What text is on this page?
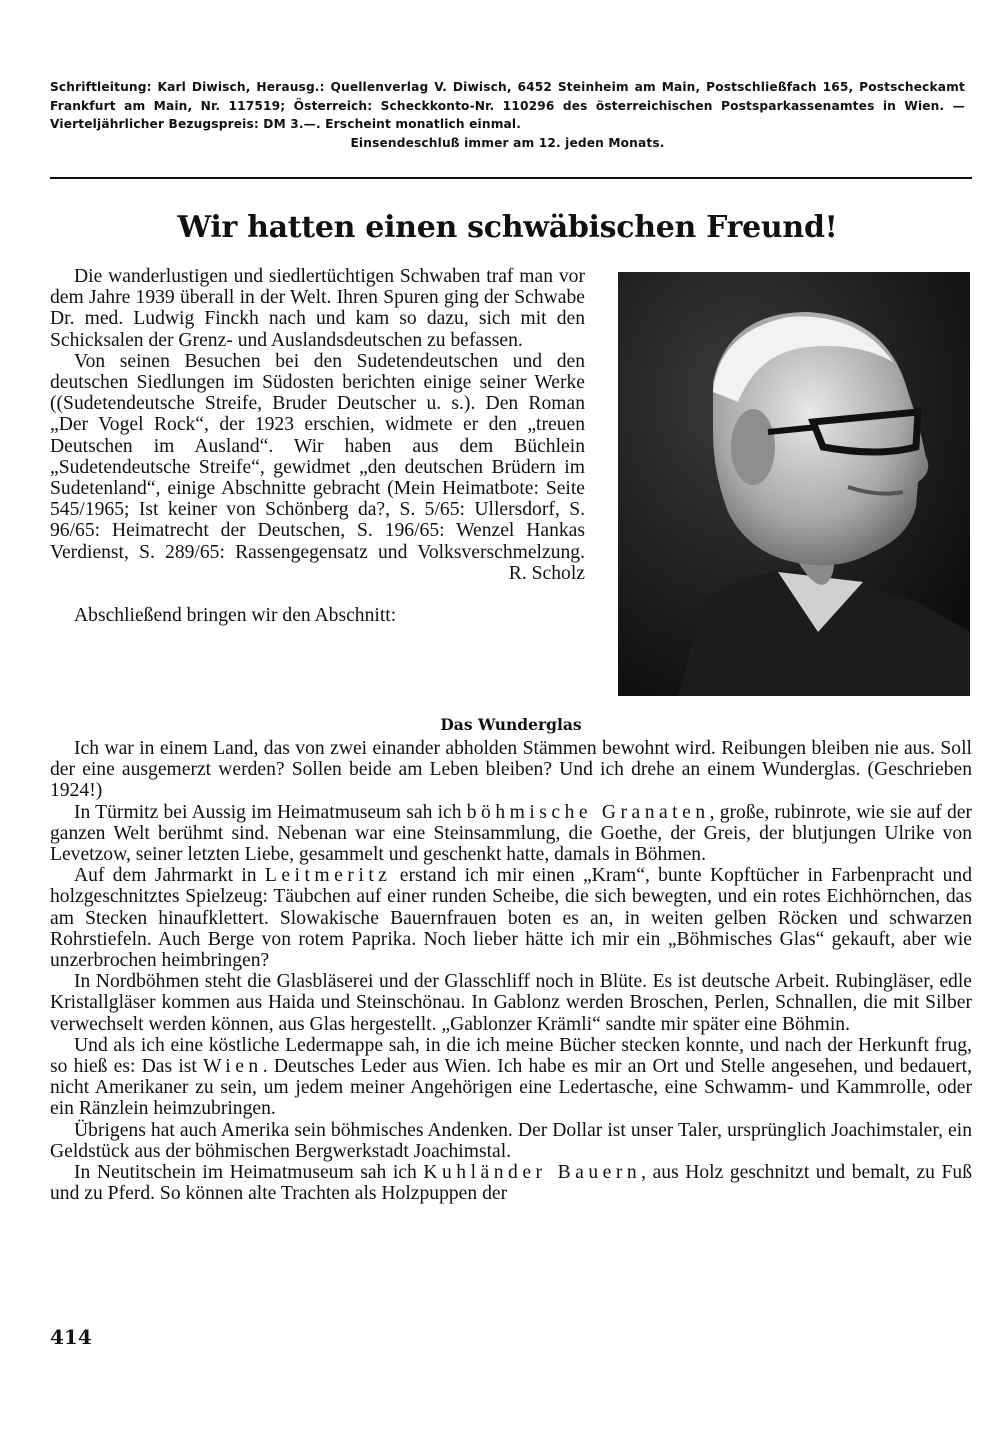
Schriftleitung: Karl Diwisch, Herausg.: Quellenverlag V. Diwisch, 6452 Steinheim am Main, Postschließfach 165, Postscheckamt Frankfurt am Main, Nr. 117519; Österreich: Scheckkonto-Nr. 110296 des österreichischen Postsparkassenamtes in Wien. — Vierteljährlicher Bezugspreis: DM 3.—. Erscheint monatlich einmal.
Einsendeschluß immer am 12. jeden Monats.
Wir hatten einen schwäbischen Freund!

Die wanderlustigen und siedlertüchtigen Schwaben traf man vor dem Jahre 1939 überall in der Welt. Ihren Spuren ging der Schwabe Dr. med. Ludwig Finckh nach und kam so dazu, sich mit den Schicksalen der Grenz- und Auslandsdeutschen zu befassen.

Von seinen Besuchen bei den Sudetendeutschen und den deutschen Siedlungen im Südosten berichten einige seiner Werke ((Sudetendeutsche Streife, Bruder Deutscher u. s.). Den Roman „Der Vogel Rock“, der 1923 erschien, widmete er den „treuen Deutschen im Ausland“. Wir haben aus dem Büchlein „Sudetendeutsche Streife“, gewidmet „den deutschen Brüdern im Sudetenland“, einige Abschnitte gebracht (Mein Heimatbote: Seite 545/1965; Ist keiner von Schönberg da?, S. 5/65: Ullersdorf, S. 96/65: Heimatrecht der Deutschen, S. 196/65: Wenzel Hankas Verdienst, S. 289/65: Rassengegensatz und Volksverschmelzung.
R. Scholz

Abschließend bringen wir den Abschnitt:

Das Wunderglas

Ich war in einem Land, das von zwei einander abholden Stämmen bewohnt wird. Reibungen bleiben nie aus. Soll der eine ausgemerzt werden? Sollen beide am Leben bleiben? Und ich drehe an einem Wunderglas. (Geschrieben 1924!)

In Türmitz bei Aussig im Heimatmuseum sah ich böhmische Granaten, große, rubinrote, wie sie auf der ganzen Welt berühmt sind. Nebenan war eine Steinsammlung, die Goethe, der Greis, der blutjungen Ulrike von Levetzow, seiner letzten Liebe, gesammelt und geschenkt hatte, damals in Böhmen.

Auf dem Jahrmarkt in Leitmeritz erstand ich mir einen „Kram“, bunte Kopftücher in Farbenpracht und holzgeschnitztes Spielzeug: Täubchen auf einer runden Scheibe, die sich bewegten, und ein rotes Eichhörnchen, das am Stecken hinaufklettert. Slowakische Bauernfrauen boten es an, in weiten gelben Röcken und schwarzen Rohrstiefeln. Auch Berge von rotem Paprika. Noch lieber hätte ich mir ein „Böhmisches Glas“ gekauft, aber wie unzerbrochen heimbringen?

In Nordböhmen steht die Glasbläserei und der Glasschliff noch in Blüte. Es ist deutsche Arbeit. Rubingläser, edle Kristallgläser kommen aus Haida und Steinschönau. In Gablonz werden Broschen, Perlen, Schnallen, die mit Silber verwechselt werden können, aus Glas hergestellt. „Gablonzer Krämli“ sandte mir später eine Böhmin.

Und als ich eine köstliche Ledermappe sah, in die ich meine Bücher stecken konnte, und nach der Herkunft frug, so hieß es: Das ist Wien. Deutsches Leder aus Wien. Ich habe es mir an Ort und Stelle angesehen, und bedauert, nicht Amerikaner zu sein, um jedem meiner Angehörigen eine Ledertasche, eine Schwamm- und Kammrolle, oder ein Ränzlein heimzubringen.

Übrigens hat auch Amerika sein böhmisches Andenken. Der Dollar ist unser Taler, ursprünglich Joachimstaler, ein Geldstück aus der böhmischen Bergwerkstadt Joachimstal.

In Neutitschein im Heimatmuseum sah ich Kuhländer Bauern, aus Holz geschnitzt und bemalt, zu Fuß und zu Pferd. So können alte Trachten als Holzpuppen der

414
